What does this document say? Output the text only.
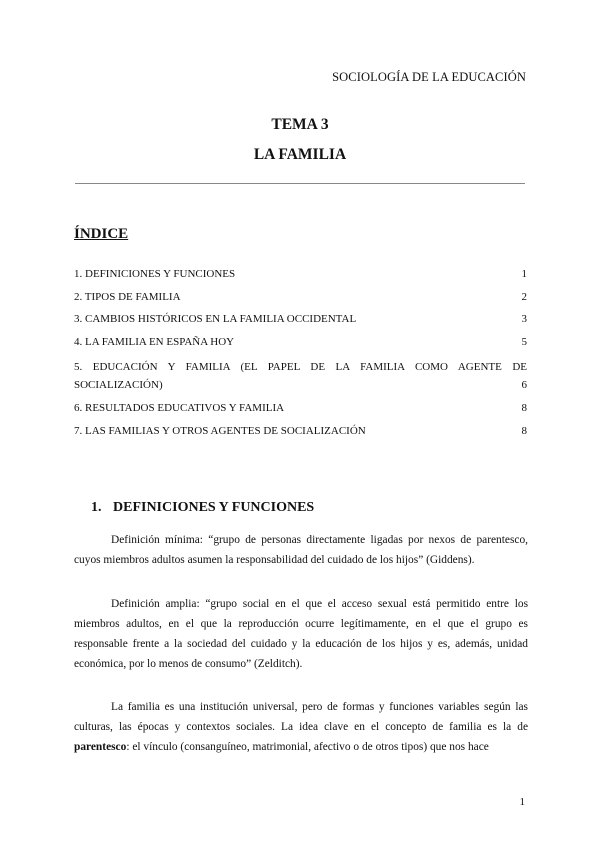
SOCIOLOGÍA DE LA EDUCACIÓN
TEMA 3
LA FAMILIA
ÍNDICE
1. DEFINICIONES Y FUNCIONES	1
2. TIPOS DE FAMILIA	2
3. CAMBIOS HISTÓRICOS EN LA FAMILIA OCCIDENTAL	3
4. LA FAMILIA EN ESPAÑA HOY	5
5. EDUCACIÓN Y FAMILIA (EL PAPEL DE LA FAMILIA COMO AGENTE DE
SOCIALIZACIÓN)	6
6. RESULTADOS EDUCATIVOS Y FAMILIA	8
7. LAS FAMILIAS Y OTROS AGENTES DE SOCIALIZACIÓN	8
1. DEFINICIONES Y FUNCIONES

Definición mínima: “grupo de personas directamente ligadas por nexos de parentesco, cuyos miembros adultos asumen la responsabilidad del cuidado de los hijos” (Giddens).

Definición amplia: “grupo social en el que el acceso sexual está permitido entre los miembros adultos, en el que la reproducción ocurre legítimamente, en el que el grupo es responsable frente a la sociedad del cuidado y la educación de los hijos y es, además, unidad económica, por lo menos de consumo” (Zelditch).

La familia es una institución universal, pero de formas y funciones variables según las culturas, las épocas y contextos sociales. La idea clave en el concepto de familia es la de parentesco: el vínculo (consanguíneo, matrimonial, afectivo o de otros tipos) que nos hace

1
